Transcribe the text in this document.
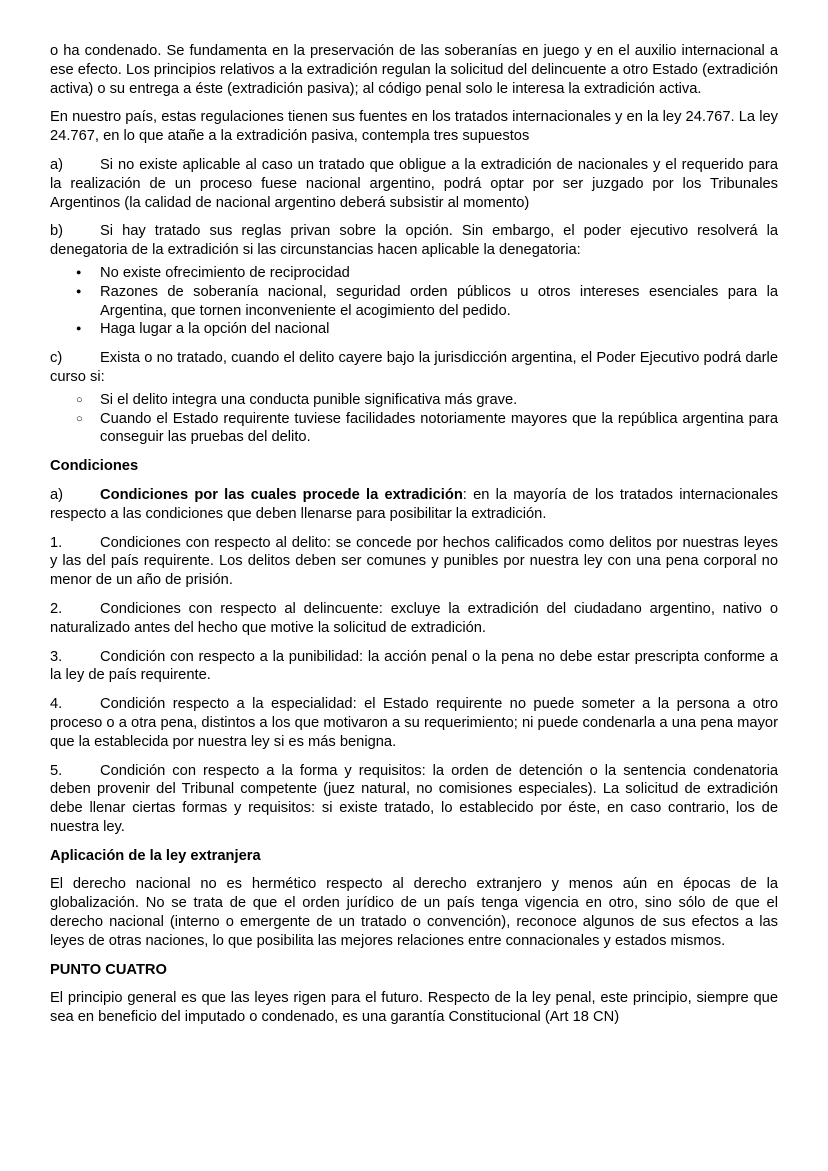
o ha condenado. Se fundamenta en la preservación de las soberanías en juego y en el auxilio internacional a ese efecto. Los principios relativos a la extradición regulan la solicitud del delincuente a otro Estado (extradición activa) o su entrega a éste (extradición pasiva); al código penal solo le interesa la extradición activa.

En nuestro país, estas regulaciones tienen sus fuentes en los tratados internacionales y en la ley 24.767. La ley 24.767, en lo que atañe a la extradición pasiva, contempla tres supuestos

a)	Si no existe aplicable al caso un tratado que obligue a la extradición de nacionales y el requerido para la realización de un proceso fuese nacional argentino, podrá optar por ser juzgado por los Tribunales Argentinos (la calidad de nacional argentino deberá subsistir al momento)

b)	Si hay tratado sus reglas privan sobre la opción. Sin embargo, el poder ejecutivo resolverá la denegatoria de la extradición si las circunstancias hacen aplicable la denegatoria:

●
No existe ofrecimiento de reciprocidad
●
Razones de soberanía nacional, seguridad orden públicos u otros intereses esenciales para la Argentina, que tornen inconveniente el acogimiento del pedido.
●
Haga lugar a la opción del nacional

c)	Exista o no tratado, cuando el delito cayere bajo la jurisdicción argentina, el Poder Ejecutivo podrá darle curso si:

○
Si el delito integra una conducta punible significativa más grave.
○
Cuando el Estado requirente tuviese facilidades notoriamente mayores que la república argentina para conseguir las pruebas del delito.

Condiciones

a)	Condiciones por las cuales procede la extradición: en la mayoría de los tratados internacionales respecto a las condiciones que deben llenarse para posibilitar la extradición.

1.	Condiciones con respecto al delito: se concede por hechos calificados como delitos por nuestras leyes y las del país requirente. Los delitos deben ser comunes y punibles por nuestra ley con una pena corporal no menor de un año de prisión.

2.	Condiciones con respecto al delincuente: excluye la extradición del ciudadano argentino, nativo o naturalizado antes del hecho que motive la solicitud de extradición.

3.	Condición con respecto a la punibilidad: la acción penal o la pena no debe estar prescripta conforme a la ley de país requirente.

4.	Condición respecto a la especialidad: el Estado requirente no puede someter a la persona a otro proceso o a otra pena, distintos a los que motivaron a su requerimiento; ni puede condenarla a una pena mayor que la establecida por nuestra ley si es más benigna.

5.	Condición con respecto a la forma y requisitos: la orden de detención o la sentencia condenatoria deben provenir del Tribunal competente (juez natural, no comisiones especiales). La solicitud de extradición debe llenar ciertas formas y requisitos: si existe tratado, lo establecido por éste, en caso contrario, los de nuestra ley.

Aplicación de la ley extranjera

El derecho nacional no es hermético respecto al derecho extranjero y menos aún en épocas de la globalización. No se trata de que el orden jurídico de un país tenga vigencia en otro, sino sólo de que el derecho nacional (interno o emergente de un tratado o convención), reconoce algunos de sus efectos a las leyes de otras naciones, lo que posibilita las mejores relaciones entre connacionales y estados mismos.

PUNTO CUATRO

El principio general es que las leyes rigen para el futuro. Respecto de la ley penal, este principio, siempre que sea en beneficio del imputado o condenado, es una garantía Constitucional (Art 18 CN)
